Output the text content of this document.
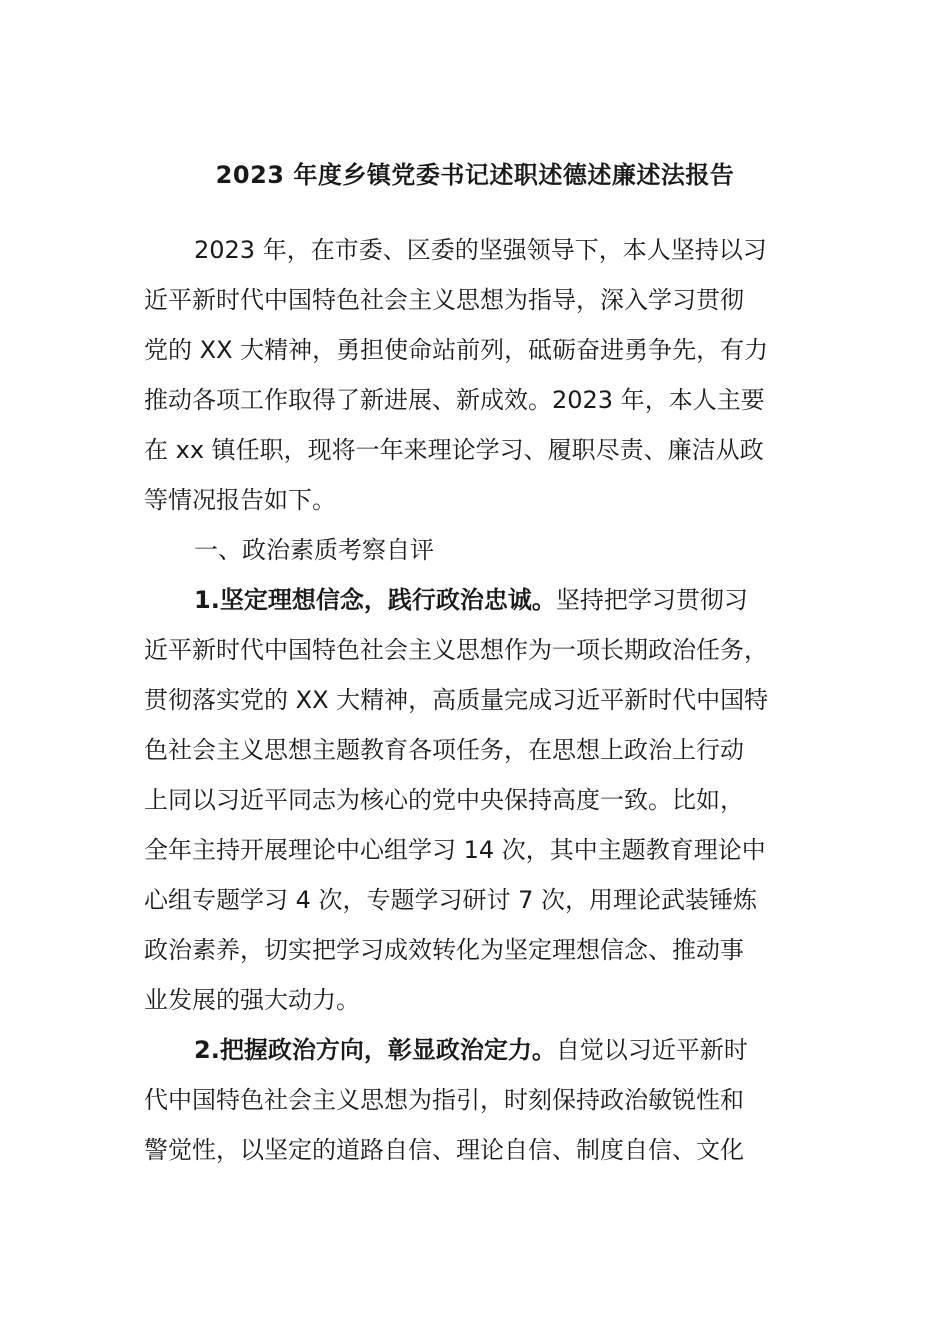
2023 年度乡镇党委书记述职述德述廉述法报告
2023 年，在市委、区委的坚强领导下，本人坚持以习
近平新时代中国特色社会主义思想为指导，深入学习贯彻
党的 XX 大精神，勇担使命站前列，砥砺奋进勇争先，有力
推动各项工作取得了新进展、新成效。2023 年，本人主要
在 xx 镇任职，现将一年来理论学习、履职尽责、廉洁从政
等情况报告如下。
一、政治素质考察自评
1.坚定理想信念，践行政治忠诚。坚持把学习贯彻习
近平新时代中国特色社会主义思想作为一项长期政治任务，
贯彻落实党的 XX 大精神，高质量完成习近平新时代中国特
色社会主义思想主题教育各项任务，在思想上政治上行动
上同以习近平同志为核心的党中央保持高度一致。比如，
全年主持开展理论中心组学习 14 次，其中主题教育理论中
心组专题学习 4 次，专题学习研讨 7 次，用理论武装锤炼
政治素养，切实把学习成效转化为坚定理想信念、推动事
业发展的强大动力。
2.把握政治方向，彰显政治定力。自觉以习近平新时
代中国特色社会主义思想为指引，时刻保持政治敏锐性和
警觉性，以坚定的道路自信、理论自信、制度自信、文化
